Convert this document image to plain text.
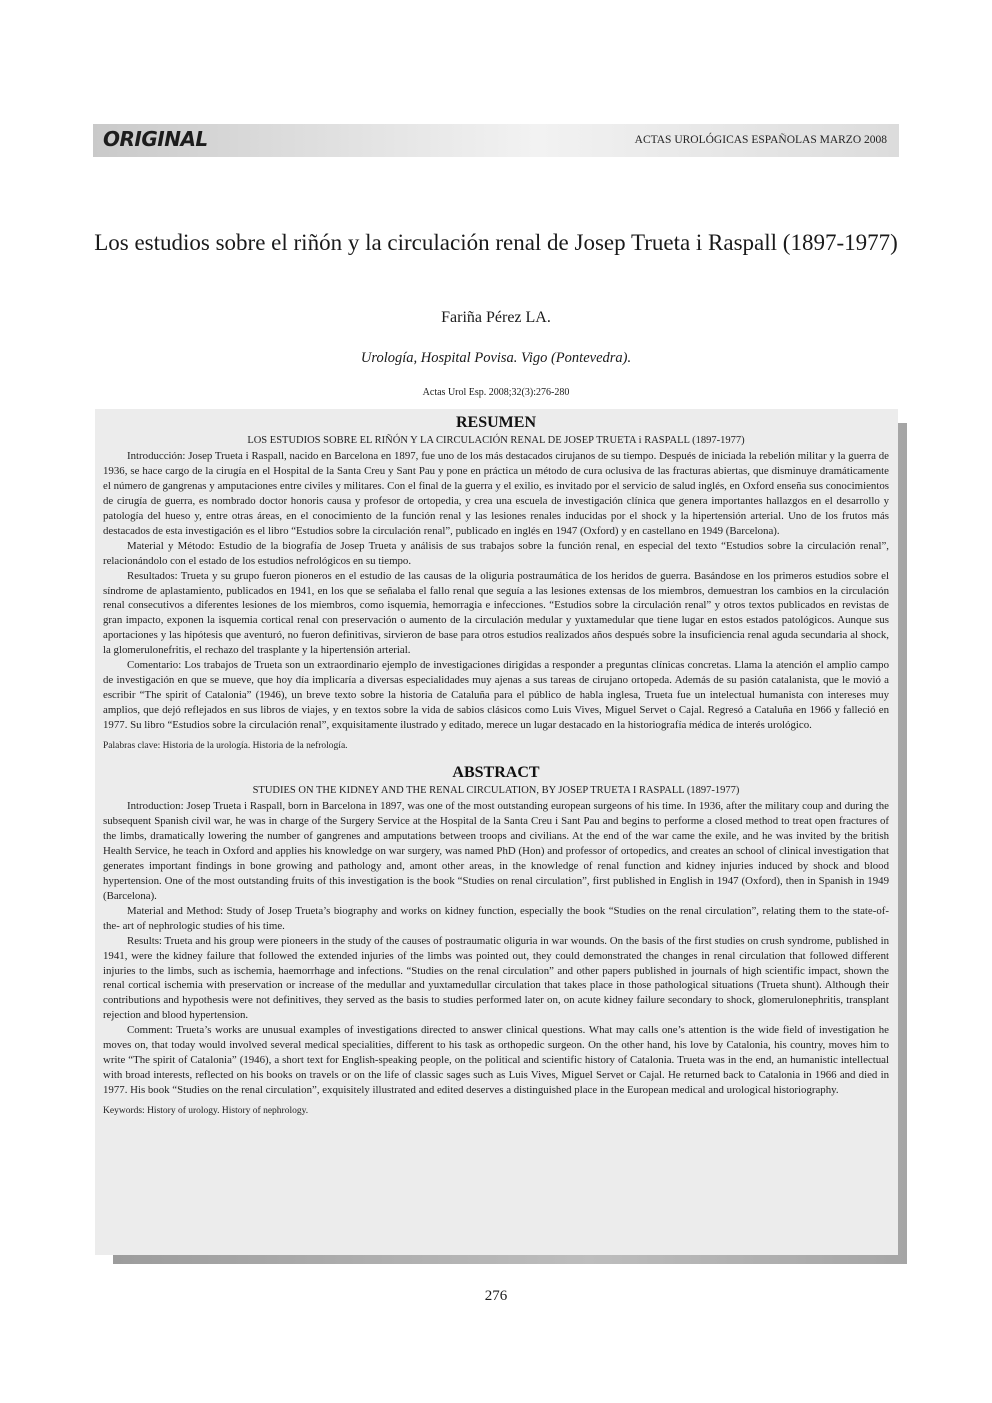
ORIGINAL	ACTAS UROLÓGICAS ESPAÑOLAS MARZO 2008
Los estudios sobre el riñón y la circulación renal de Josep Trueta i Raspall (1897-1977)
Fariña Pérez LA.
Urología, Hospital Povisa. Vigo (Pontevedra).
Actas Urol Esp. 2008;32(3):276-280
RESUMEN
LOS ESTUDIOS SOBRE EL RIÑÓN Y LA CIRCULACIÓN RENAL DE JOSEP TRUETA i RASPALL (1897-1977)

Introducción: Josep Trueta i Raspall, nacido en Barcelona en 1897, fue uno de los más destacados cirujanos de su tiempo. Después de iniciada la rebelión militar y la guerra de 1936, se hace cargo de la cirugía en el Hospital de la Santa Creu y Sant Pau y pone en práctica un método de cura oclusiva de las fracturas abiertas, que disminuye dramáticamente el número de gangrenas y amputaciones entre civiles y militares. Con el final de la guerra y el exilio, es invitado por el servicio de salud inglés, en Oxford enseña sus conocimientos de cirugía de guerra, es nombrado doctor honoris causa y profesor de ortopedia, y crea una escuela de investigación clínica que genera importantes hallazgos en el desarrollo y patología del hueso y, entre otras áreas, en el conocimiento de la función renal y las lesiones renales inducidas por el shock y la hipertensión arterial. Uno de los frutos más destacados de esta investigación es el libro “Estudios sobre la circulación renal”, publicado en inglés en 1947 (Oxford) y en castellano en 1949 (Barcelona).

Material y Método: Estudio de la biografía de Josep Trueta y análisis de sus trabajos sobre la función renal, en especial del texto “Estudios sobre la circulación renal”, relacionándolo con el estado de los estudios nefrológicos en su tiempo.

Resultados: Trueta y su grupo fueron pioneros en el estudio de las causas de la oliguria postraumática de los heridos de guerra. Basándose en los primeros estudios sobre el síndrome de aplastamiento, publicados en 1941, en los que se señalaba el fallo renal que seguía a las lesiones extensas de los miembros, demuestran los cambios en la circulación renal consecutivos a diferentes lesiones de los miembros, como isquemia, hemorragia e infecciones. “Estudios sobre la circulación renal” y otros textos publicados en revistas de gran impacto, exponen la isquemia cortical renal con preservación o aumento de la circulación medular y yuxtamedular que tiene lugar en estos estados patológicos. Aunque sus aportaciones y las hipótesis que aventuró, no fueron definitivas, sirvieron de base para otros estudios realizados años después sobre la insuficiencia renal aguda secundaria al shock, la glomerulonefritis, el rechazo del trasplante y la hipertensión arterial.

Comentario: Los trabajos de Trueta son un extraordinario ejemplo de investigaciones dirigidas a responder a preguntas clínicas concretas. Llama la atención el amplio campo de investigación en que se mueve, que hoy día implicaría a diversas especialidades muy ajenas a sus tareas de cirujano ortopeda. Además de su pasión catalanista, que le movió a escribir “The spirit of Catalonia” (1946), un breve texto sobre la historia de Cataluña para el público de habla inglesa, Trueta fue un intelectual humanista con intereses muy amplios, que dejó reflejados en sus libros de viajes, y en textos sobre la vida de sabios clásicos como Luis Vives, Miguel Servet o Cajal. Regresó a Cataluña en 1966 y falleció en 1977. Su libro “Estudios sobre la circulación renal”, exquisitamente ilustrado y editado, merece un lugar destacado en la historiografía médica de interés urológico.

Palabras clave: Historia de la urología. Historia de la nefrología.

ABSTRACT
STUDIES ON THE KIDNEY AND THE RENAL CIRCULATION, BY JOSEP TRUETA I RASPALL (1897-1977)

Introduction: Josep Trueta i Raspall, born in Barcelona in 1897, was one of the most outstanding european surgeons of his time. In 1936, after the military coup and during the subsequent Spanish civil war, he was in charge of the Surgery Service at the Hospital de la Santa Creu i Sant Pau and begins to performe a closed method to treat open fractures of the limbs, dramatically lowering the number of gangrenes and amputations between troops and civilians. At the end of the war came the exile, and he was invited by the british Health Service, he teach in Oxford and applies his knowledge on war surgery, was named PhD (Hon) and professor of ortopedics, and creates an school of clinical investigation that generates important findings in bone growing and pathology and, amont other areas, in the knowledge of renal function and kidney injuries induced by shock and blood hypertension. One of the most outstanding fruits of this investigation is the book “Studies on renal circulation”, first published in English in 1947 (Oxford), then in Spanish in 1949 (Barcelona).

Material and Method: Study of Josep Trueta’s biography and works on kidney function, especially the book “Studies on the renal circulation”, relating them to the state-of- the- art of nephrologic studies of his time.

Results: Trueta and his group were pioneers in the study of the causes of postraumatic oliguria in war wounds. On the basis of the first studies on crush syndrome, published in 1941, were the kidney failure that followed the extended injuries of the limbs was pointed out, they could demonstrated the changes in renal circulation that followed different injuries to the limbs, such as ischemia, haemorrhage and infections. “Studies on the renal circulation” and other papers published in journals of high scientific impact, shown the renal cortical ischemia with preservation or increase of the medullar and yuxtamedullar circulation that takes place in those pathological situations (Trueta shunt). Although their contributions and hypothesis were not definitives, they served as the basis to studies performed later on, on acute kidney failure secondary to shock, glomerulonephritis, transplant rejection and blood hypertension.

Comment: Trueta’s works are unusual examples of investigations directed to answer clinical questions. What may calls one’s attention is the wide field of investigation he moves on, that today would involved several medical specialities, different to his task as orthopedic surgeon. On the other hand, his love by Catalonia, his country, moves him to write “The spirit of Catalonia” (1946), a short text for English-speaking people, on the political and scientific history of Catalonia. Trueta was in the end, an humanistic intellectual with broad interests, reflected on his books on travels or on the life of classic sages such as Luis Vives, Miguel Servet or Cajal. He returned back to Catalonia in 1966 and died in 1977. His book “Studies on the renal circulation”, exquisitely illustrated and edited deserves a distinguished place in the European medical and urological historiography.

Keywords: History of urology. History of nephrology.

276
